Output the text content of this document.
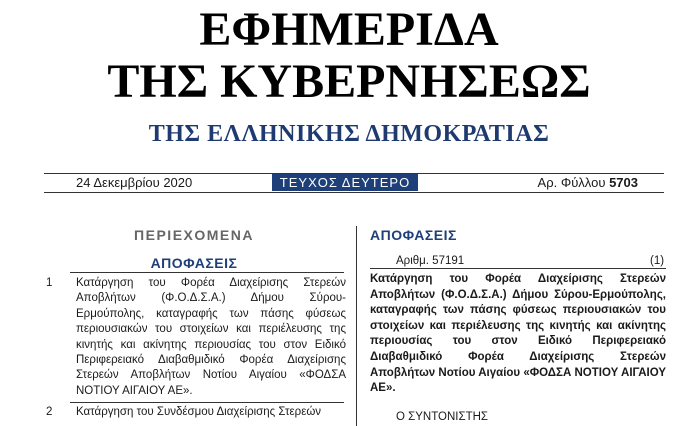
ΕΦΗΜΕΡΙΔΑ
ΤΗΣ ΚΥΒΕΡΝΗΣΕΩΣ
ΤΗΣ ΕΛΛΗΝΙΚΗΣ ΔΗΜΟΚΡΑΤΙΑΣ
24 Δεκεμβρίου 2020	ΤΕΥΧΟΣ ΔΕΥΤΕΡΟ	Αρ. Φύλλου 5703
ΠΕΡΙΕΧΟΜΕΝΑ
ΑΠΟΦΑΣΕΙΣ
1 Κατάργηση του Φορέα Διαχείρισης Στερεών Αποβλήτων (Φ.Ο.Δ.Σ.Α.) Δήμου Σύρου-Ερμούπολης, καταγραφής των πάσης φύσεως περιουσιακών του στοιχείων και περιέλευσης της κινητής και ακίνητης περιουσίας του στον Ειδικό Περιφερειακό Διαβαθμιδικό Φορέα Διαχείρισης Στερεών Αποβλήτων Νοτίου Αιγαίου «ΦΟΔΣΑ ΝΟΤΙΟΥ ΑΙΓΑΙΟΥ ΑΕ».
2 Κατάργηση του Συνδέσμου Διαχείρισης Στερεών
ΑΠΟΦΑΣΕΙΣ
Αριθμ. 57191	(1)
Κατάργηση του Φορέα Διαχείρισης Στερεών Αποβλήτων (Φ.Ο.Δ.Σ.Α.) Δήμου Σύρου-Ερμούπολης, καταγραφής των πάσης φύσεως περιουσιακών του στοιχείων και περιέλευσης της κινητής και ακίνητης περιουσίας του στον Ειδικό Περιφερειακό Διαβαθμιδικό Φορέα Διαχείρισης Στερεών Αποβλήτων Νοτίου Αιγαίου «ΦΟΔΣΑ ΝΟΤΙΟΥ ΑΙΓΑΙΟΥ ΑΕ».
Ο ΣΥΝΤΟΝΙΣΤΗΣ
